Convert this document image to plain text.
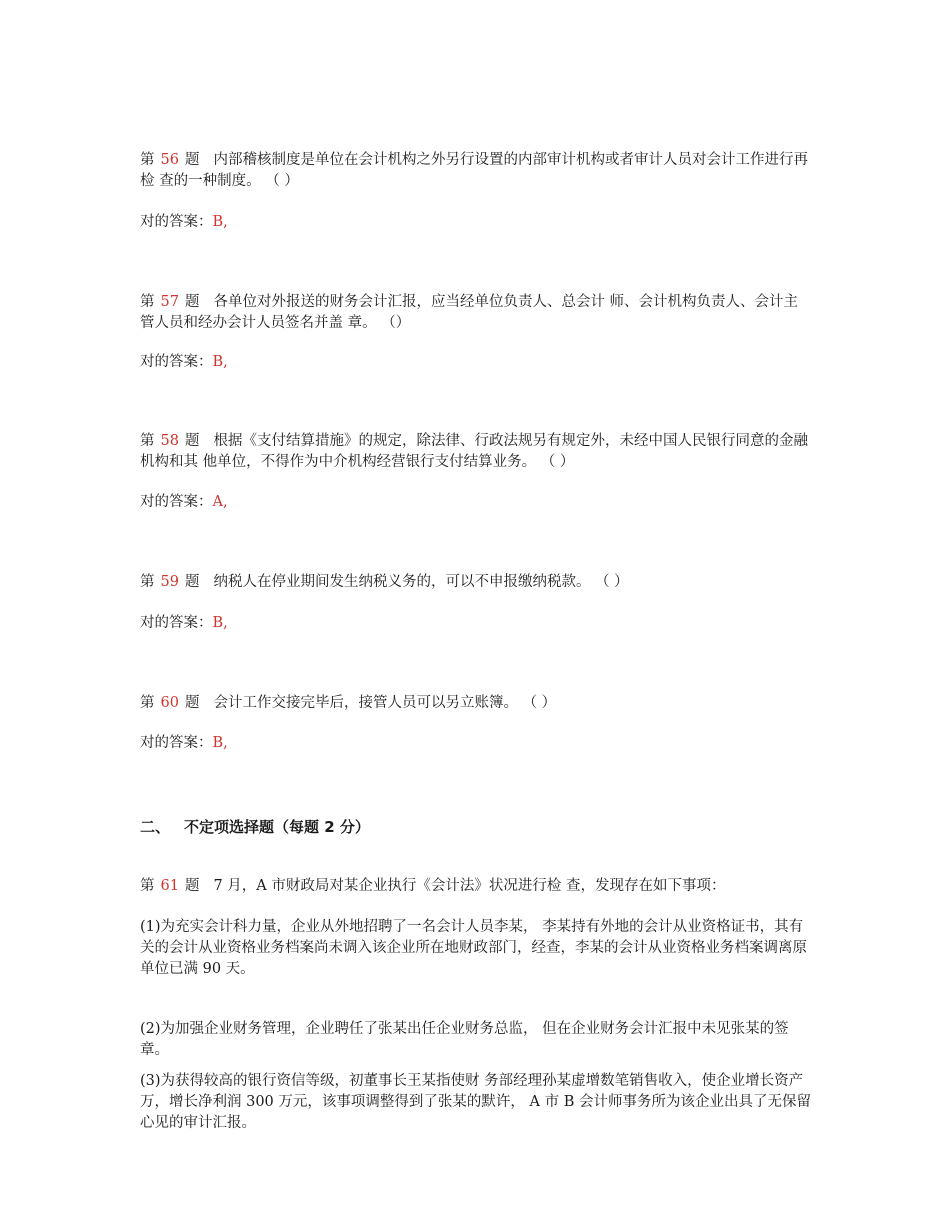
第 56 题 内部稽核制度是单位在会计机构之外另行设置的内部审计机构或者审计人员对会计工作进行再检 查的一种制度。 （ ）
对的答案：B,
第 57 题 各单位对外报送的财务会计汇报，应当经单位负责人、总会计 师、会计机构负责人、会计主管人员和经办会计人员签名并盖 章。 （）
对的答案：B,
第 58 题 根据《支付结算措施》的规定，除法律、行政法规另有规定外，未经中国人民银行同意的金融机构和其 他单位，不得作为中介机构经营银行支付结算业务。 （ ）
对的答案：A,
第 59 题 纳税人在停业期间发生纳税义务的，可以不申报缴纳税款。 （ ）
对的答案：B,
第 60 题 会计工作交接完毕后，接管人员可以另立账簿。 （ ）
对的答案：B,
二、 不定项选择题（每题 2 分）
第 61 题 7 月，A 市财政局对某企业执行《会计法》状况进行检 查，发现存在如下事项：
(1)为充实会计科力量，企业从外地招聘了一名会计人员李某， 李某持有外地的会计从业资格证书，其有关的会计从业资格业务档案尚未调入该企业所在地财政部门，经查，李某的会计从业资格业务档案调离原单位已满 90 天。
(2)为加强企业财务管理，企业聘任了张某出任企业财务总监， 但在企业财务会计汇报中未见张某的签章。
(3)为获得较高的银行资信等级，初董事长王某指使财 务部经理孙某虚增数笔销售收入，使企业增长资产 万，增长净利润 300 万元，该事项调整得到了张某的默许， A 市 B 会计师事务所为该企业出具了无保留心见的审计汇报。
